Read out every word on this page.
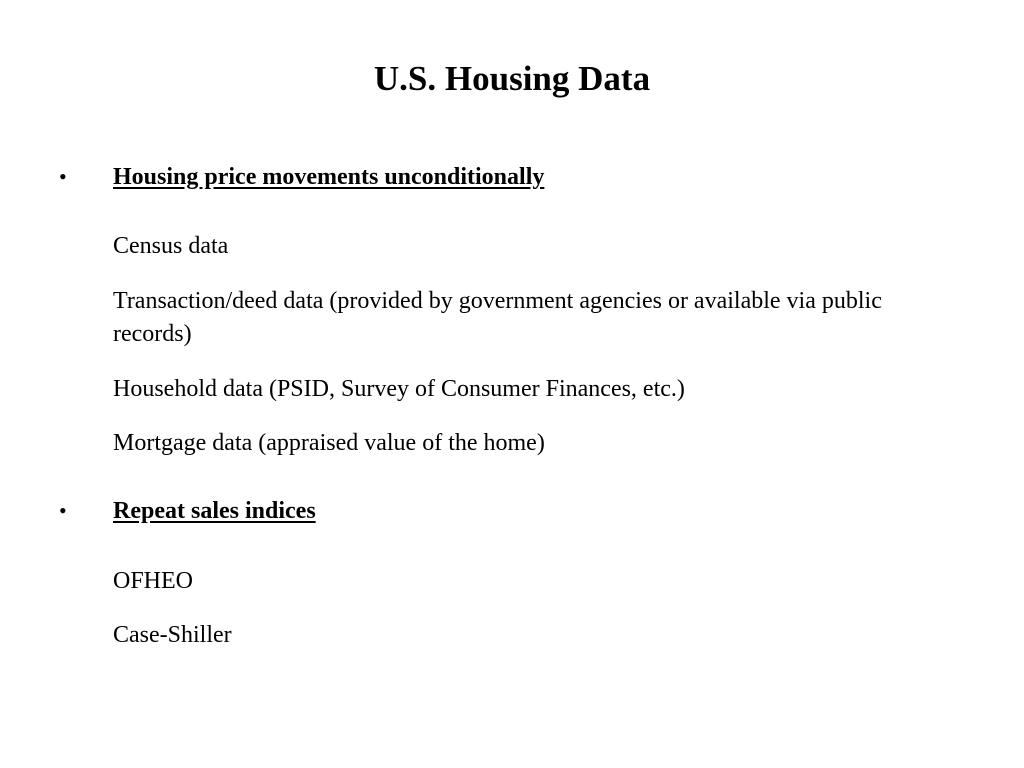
U.S. Housing Data
• Housing price movements unconditionally
Census data
Transaction/deed data (provided by government agencies or available via public records)
Household data (PSID, Survey of Consumer Finances, etc.)
Mortgage data (appraised value of the home)
• Repeat sales indices
OFHEO
Case-Shiller
